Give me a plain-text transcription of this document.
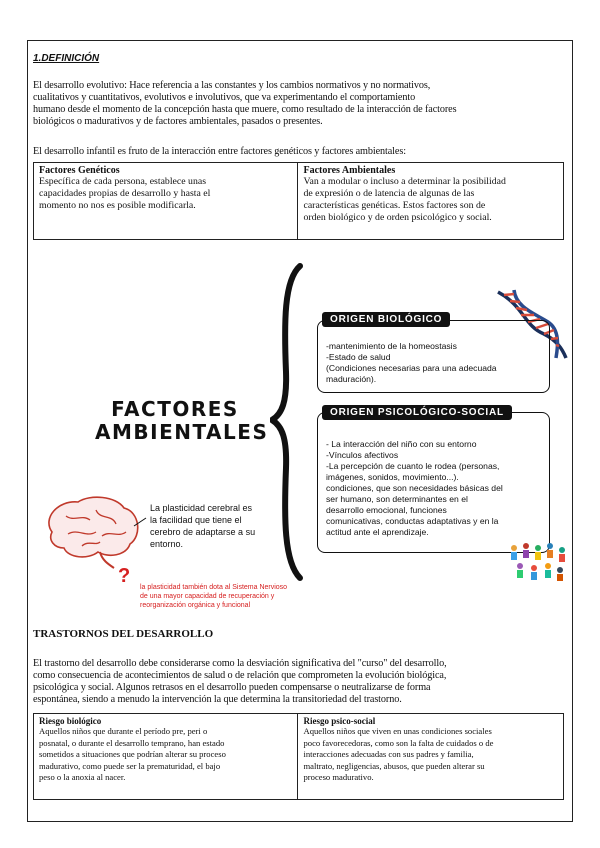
1.DEFINICIÓN
El desarrollo evolutivo: Hace referencia a las constantes y los cambios normativos y no normativos,
cualitativos y cuantitativos, evolutivos e involutivos, que va experimentando el comportamiento
humano desde el momento de la concepción hasta que muere, como resultado de la interacción de factores
biológicos o madurativos y de factores ambientales, pasados o presentes.
El desarrollo infantil es fruto de la interacción entre factores genéticos y factores ambientales:
Factores Genéticos
Específica de cada persona, establece unas
capacidades propias de desarrollo y hasta el
momento no nos es posible modificarla.

Factores Ambientales
Van a modular o incluso a determinar la posibilidad
de expresión o de latencia de algunas de las
características genéticas. Estos factores son de
orden biológico y de orden psicológico y social.
FACTORES
AMBIENTALES
-mantenimiento de la homeostasis
-Estado de salud
(Condiciones necesarias para una adecuada
maduración).
ORIGEN BIOLÓGICO
- La interacción del niño con su entorno
-Vínculos afectivos
-La percepción de cuanto le rodea (personas,
imágenes, sonidos, movimiento...).
condiciones, que son necesidades básicas del
ser humano, son determinantes en el
desarrollo emocional, funciones
comunicativas, conductas adaptativas y en la
actitud ante el aprendizaje.
ORIGEN PSICOLÓGICO-SOCIAL
La plasticidad cerebral es
la facilidad que tiene el
cerebro de adaptarse a su
entorno.
?
la plasticidad también dota al Sistema Nervioso
de una mayor capacidad de recuperación y
reorganización orgánica y funcional
TRASTORNOS DEL DESARROLLO
El trastorno del desarrollo debe considerarse como la desviación significativa del "curso" del desarrollo,
como consecuencia de acontecimientos de salud o de relación que comprometen la evolución biológica,
psicológica y social. Algunos retrasos en el desarrollo pueden compensarse o neutralizarse de forma
espontánea, siendo a menudo la intervención la que determina la transitoriedad del trastorno.
Riesgo biológico
Aquellos niños que durante el período pre, peri o
posnatal, o durante el desarrollo temprano, han estado
sometidos a situaciones que podrían alterar su proceso
madurativo, como puede ser la prematuridad, el bajo
peso o la anoxia al nacer.

Riesgo psico-social
Aquellos niños que viven en unas condiciones sociales
poco favorecedoras, como son la falta de cuidados o de
interacciones adecuadas con sus padres y familia,
maltrato, negligencias, abusos, que pueden alterar su
proceso madurativo.
